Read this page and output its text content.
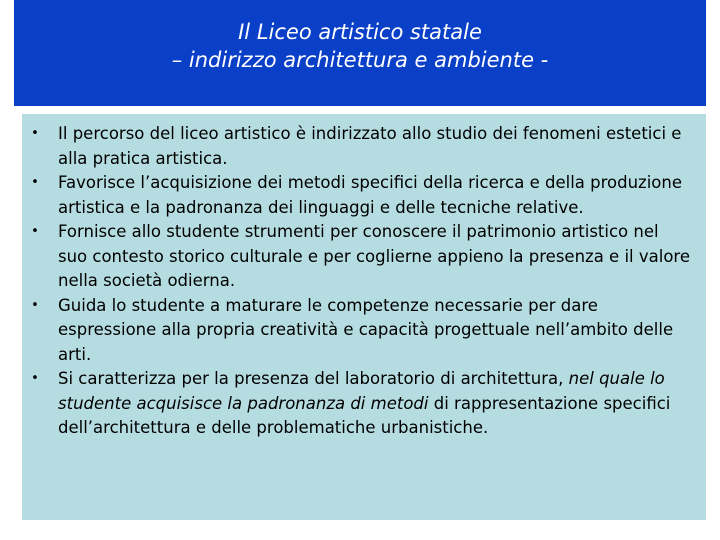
Il Liceo artistico statale
– indirizzo architettura e ambiente -
• Il percorso del liceo artistico è indirizzato allo studio dei fenomeni estetici e alla pratica artistica.
• Favorisce l’acquisizione dei metodi specifici della ricerca e della produzione artistica e la padronanza dei linguaggi e delle tecniche relative.
• Fornisce allo studente strumenti per conoscere il patrimonio artistico nel suo contesto storico culturale e per coglierne appieno la presenza e il valore nella società odierna.
• Guida lo studente a maturare le competenze necessarie per dare espressione alla propria creatività e capacità progettuale nell’ambito delle arti.
• Si caratterizza per la presenza del laboratorio di architettura, nel quale lo studente acquisisce la padronanza di metodi di rappresentazione specifici dell’architettura e delle problematiche urbanistiche.
